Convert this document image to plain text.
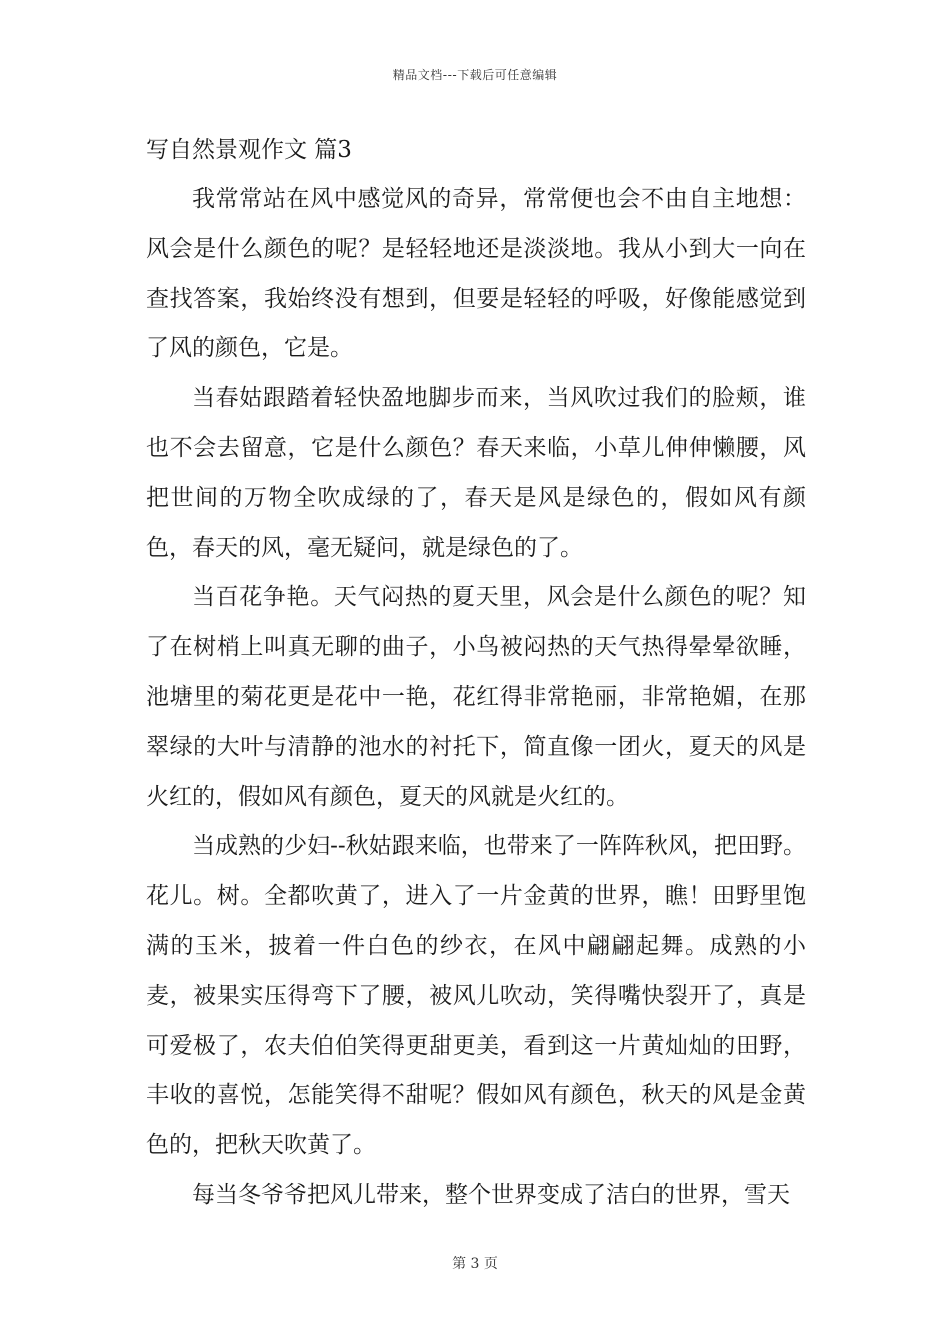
精品文档---下载后可任意编辑
写自然景观作文 篇3

我常常站在风中感觉风的奇异，常常便也会不由自主地想：风会是什么颜色的呢？是轻轻地还是淡淡地。我从小到大一向在查找答案，我始终没有想到，但要是轻轻的呼吸，好像能感觉到了风的颜色，它是。

当春姑跟踏着轻快盈地脚步而来，当风吹过我们的脸颊，谁也不会去留意，它是什么颜色？春天来临，小草儿伸伸懒腰，风把世间的万物全吹成绿的了，春天是风是绿色的，假如风有颜色，春天的风，毫无疑问，就是绿色的了。

当百花争艳。天气闷热的夏天里，风会是什么颜色的呢？知了在树梢上叫真无聊的曲子，小鸟被闷热的天气热得晕晕欲睡，池塘里的菊花更是花中一艳，花红得非常艳丽，非常艳媚，在那翠绿的大叶与清静的池水的衬托下，简直像一团火，夏天的风是火红的，假如风有颜色，夏天的风就是火红的。

当成熟的少妇--秋姑跟来临，也带来了一阵阵秋风，把田野。花儿。树。全都吹黄了，进入了一片金黄的世界，瞧！田野里饱满的玉米，披着一件白色的纱衣，在风中翩翩起舞。成熟的小麦，被果实压得弯下了腰，被风儿吹动，笑得嘴快裂开了，真是可爱极了，农夫伯伯笑得更甜更美，看到这一片黄灿灿的田野，丰收的喜悦，怎能笑得不甜呢？假如风有颜色，秋天的风是金黄色的，把秋天吹黄了。

每当冬爷爷把风儿带来，整个世界变成了洁白的世界，雪天

第 3 页
